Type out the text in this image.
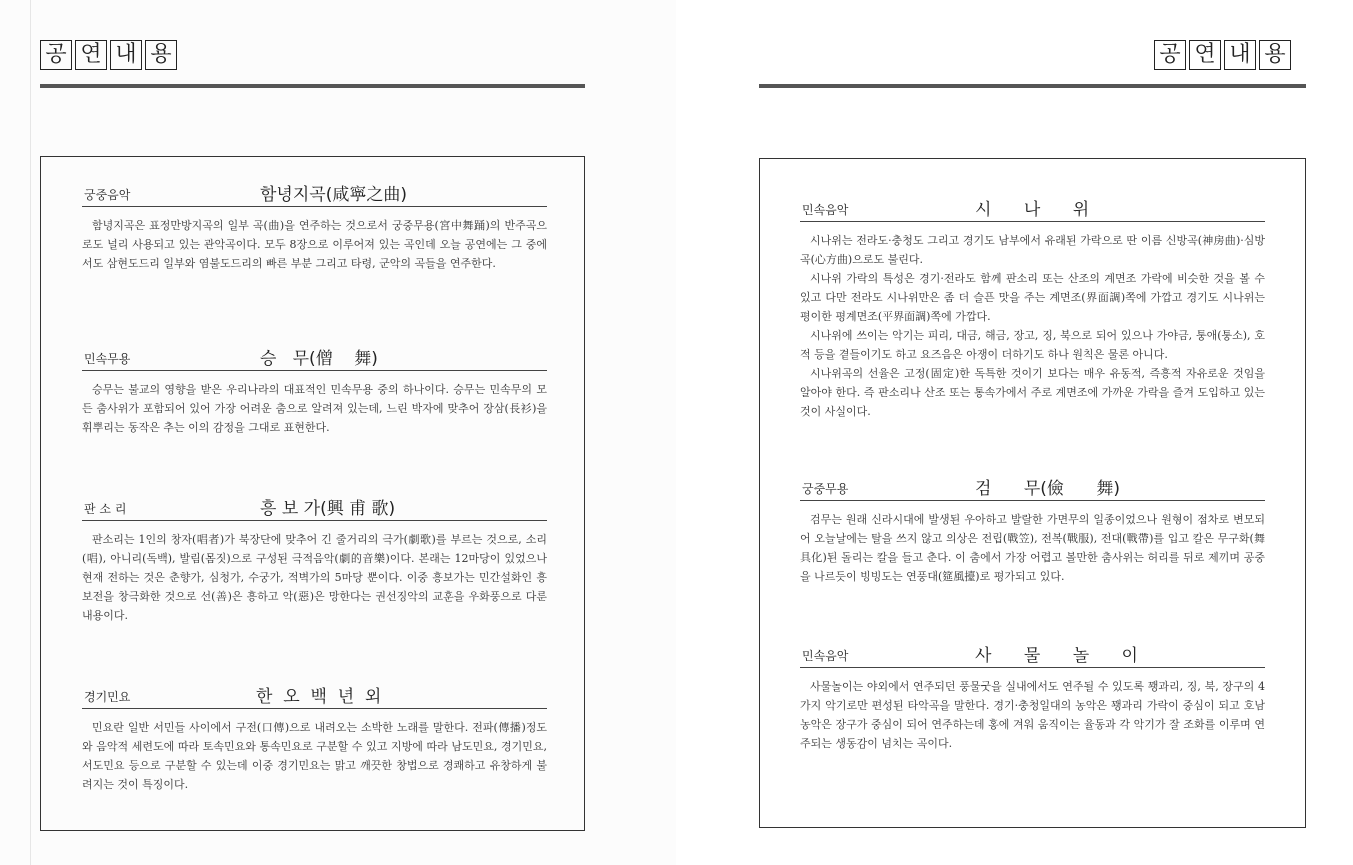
공 연 내 용
궁중음악	함녕지곡(咸寧之曲)

함녕지곡은 표정만방지곡의 일부 곡(曲)을 연주하는 것으로서 궁중무용(宮中舞踊)의 반주곡으로도 널리 사용되고 있는 관악곡이다. 모두 8장으로 이루어져 있는 곡인데 오늘 공연에는 그 중에서도 삼현도드리 일부와 염불도드리의 빠른 부분 그리고 타령, 군악의 곡들을 연주한다.

민속무용	승   무(僧    舞)

승무는 불교의 영향을 받은 우리나라의 대표적인 민속무용 중의 하나이다. 승무는 민속무의 모든 춤사위가 포함되어 있어 가장 어려운 춤으로 알려져 있는데, 느린 박자에 맞추어 장삼(長衫)을 휘뿌리는 동작은 추는 이의 감정을 그대로 표현한다.

판 소 리	흥 보 가(興 甫 歌)

판소리는 1인의 창자(唱者)가 북장단에 맞추어 긴 줄거리의 극가(劇歌)를 부르는 것으로, 소리(唱), 아니리(독백), 발림(몸짓)으로 구성된 극적음악(劇的音樂)이다. 본래는 12마당이 있었으나 현재 전하는 것은 춘향가, 심청가, 수궁가, 적벽가의 5마당 뿐이다. 이중 흥보가는 민간설화인 흥보전을 창극화한 것으로 선(善)은 흥하고 악(惡)은 망한다는 권선징악의 교훈을 우화풍으로 다룬 내용이다.

경기민요	한  오  백  년  외

민요란 일반 서민들 사이에서 구전(口傳)으로 내려오는 소박한 노래를 말한다. 전파(傳播)정도와 음악적 세련도에 따라 토속민요와 통속민요로 구분할 수 있고 지방에 따라 남도민요, 경기민요, 서도민요 등으로 구분할 수 있는데 이중 경기민요는 맑고 깨끗한 창법으로 경쾌하고 유창하게 불려지는 것이 특징이다.

공 연 내 용
민속음악	시      나      위

시나위는 전라도·충청도 그리고 경기도 남부에서 유래된 가락으로 딴 이름 신방곡(神房曲)·심방곡(心方曲)으로도 불린다.

시나위 가락의 특성은 경기·전라도 함께 판소리 또는 산조의 계면조 가락에 비슷한 것을 볼 수 있고 다만 전라도 시나위만은 좀 더 슬픈 맛을 주는 계면조(界面調)쪽에 가깝고 경기도 시나위는 평이한 평계면조(平界面調)쪽에 가깝다.

시나위에 쓰이는 악기는 피리, 대금, 해금, 장고, 징, 북으로 되어 있으나 가야금, 퉁애(퉁소), 호적 등을 곁들이기도 하고 요즈음은 아쟁이 더하기도 하나 원칙은 물론 아니다.

시나위곡의 선율은 고정(固定)한 독특한 것이기 보다는 매우 유동적, 즉흥적 자유로운 것임을 알아야 한다. 즉 판소리나 산조 또는 통속가에서 주로 계면조에 가까운 가락을 즐겨 도입하고 있는 것이 사실이다.

궁중무용	검      무(儉      舞)

검무는 원래 신라시대에 발생된 우아하고 발랄한 가면무의 일종이었으나 원형이 점차로 변모되어 오늘날에는 탈을 쓰지 않고 의상은 전립(戰笠), 전복(戰服), 전대(戰帶)를 입고 칼은 무구화(舞具化)된 돌리는 칼을 들고 춘다. 이 춤에서 가장 어렵고 볼만한 춤사위는 허리를 뒤로 제끼며 공중을 나르듯이 빙빙도는 연풍대(筵風擡)로 평가되고 있다.

민속음악	사      물      놀      이

사물놀이는 야외에서 연주되던 풍물굿을 실내에서도 연주될 수 있도록 꽹과리, 징, 북, 장구의 4가지 악기로만 편성된 타악곡을 말한다. 경기·충청일대의 농악은 꽹과리 가락이 중심이 되고 호남농악은 장구가 중심이 되어 연주하는데 홍에 겨워 움직이는 율동과 각 악기가 잘 조화를 이루며 연주되는 생동감이 넘치는 곡이다.
